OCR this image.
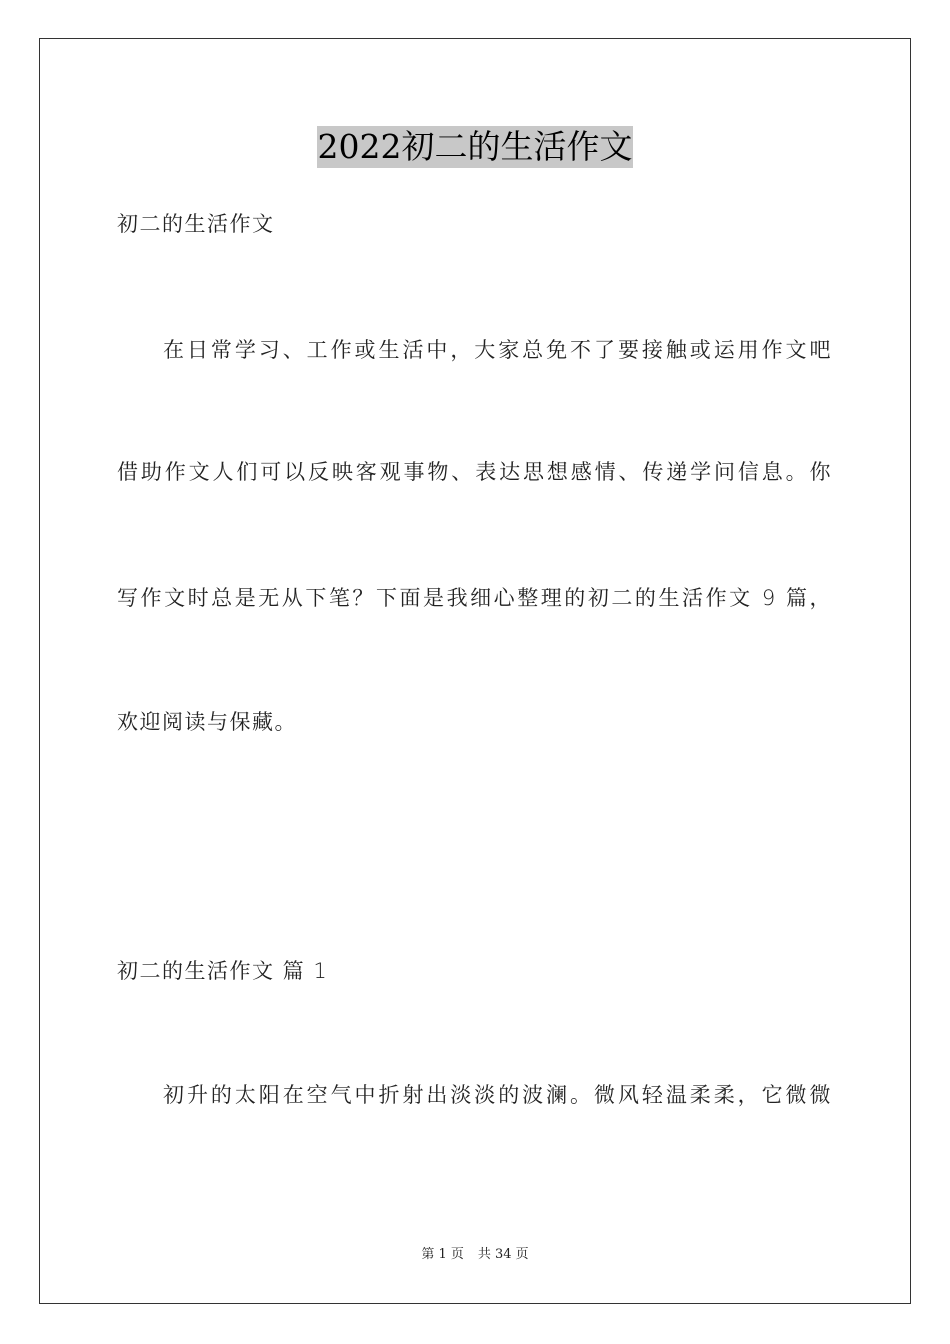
2022初二的生活作文
初二的生活作文
在日常学习、工作或生活中，大家总免不了要接触或运用作文吧
借助作文人们可以反映客观事物、表达思想感情、传递学问信息。你
写作文时总是无从下笔？下面是我细心整理的初二的生活作文 9 篇，
欢迎阅读与保藏。
初二的生活作文 篇 1
初升的太阳在空气中折射出淡淡的波澜。微风轻温柔柔，它微微
第 1 页 共 34 页
